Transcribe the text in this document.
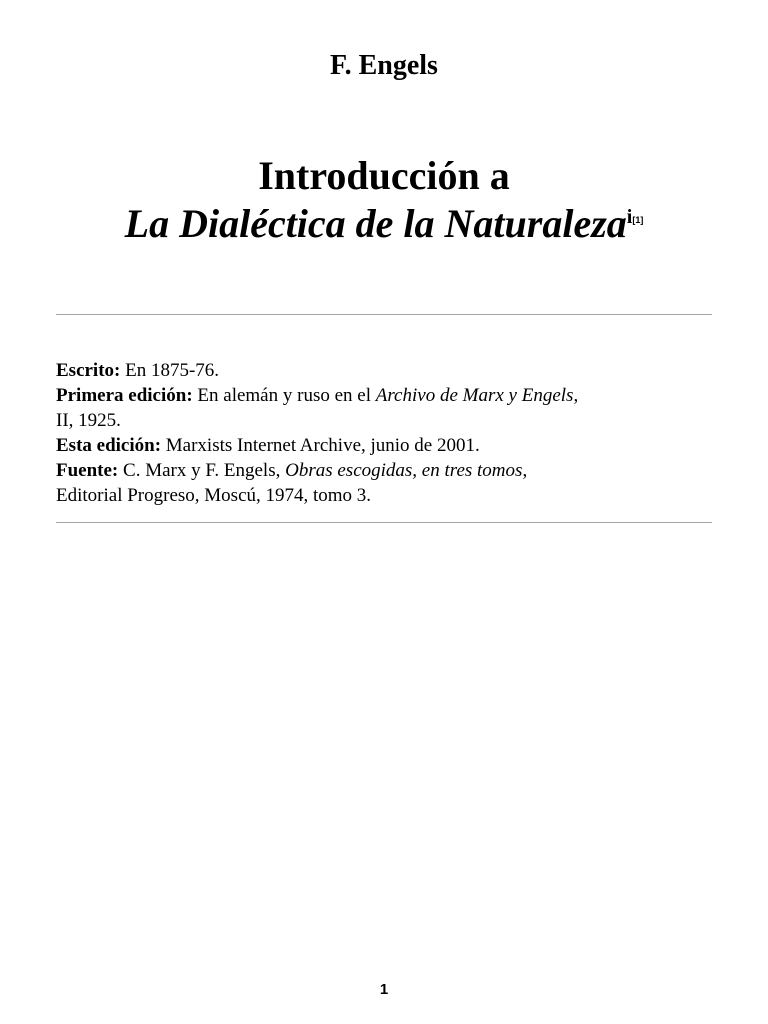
F. Engels
Introducción a
La Dialéctica de la Naturaleza$^{i[1]}$
Escrito: En 1875-76.
Primera edición: En alemán y ruso en el Archivo de Marx y Engels,
II, 1925.
Esta edición: Marxists Internet Archive, junio de 2001.
Fuente: C. Marx y F. Engels, Obras escogidas, en tres tomos,
Editorial Progreso, Moscú, 1974, tomo 3.
1
